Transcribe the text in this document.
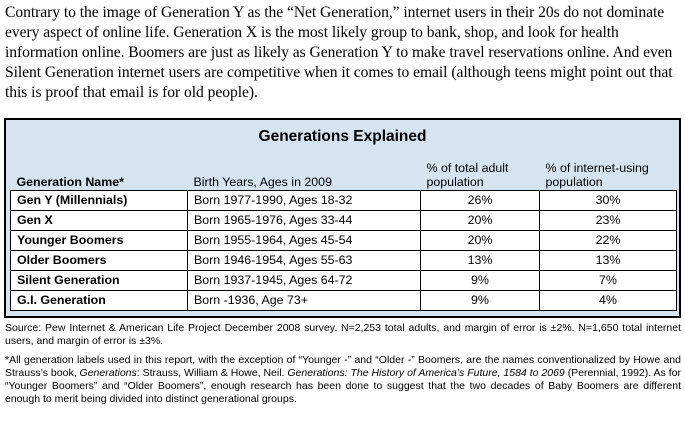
Contrary to the image of Generation Y as the “Net Generation,” internet users in their 20s do not dominate every aspect of online life. Generation X is the most likely group to bank, shop, and look for health information online. Boomers are just as likely as Generation Y to make travel reservations online. And even Silent Generation internet users are competitive when it comes to email (although teens might point out that this is proof that email is for old people).
Generations Explained
Generation Name*	Birth Years, Ages in 2009	% of total adult population	% of internet-using population
Gen Y (Millennials)	Born 1977-1990, Ages 18-32	26%	30%
Gen X	Born 1965-1976, Ages 33-44	20%	23%
Younger Boomers	Born 1955-1964, Ages 45-54	20%	22%
Older Boomers	Born 1946-1954, Ages 55-63	13%	13%
Silent Generation	Born 1937-1945, Ages 64-72	9%	7%
G.I. Generation	Born -1936, Age 73+	9%	4%

Source: Pew Internet & American Life Project December 2008 survey. N=2,253 total adults, and margin of error is ±2%. N=1,650 total internet users, and margin of error is ±3%.

*All generation labels used in this report, with the exception of “Younger -” and “Older -” Boomers, are the names conventionalized by Howe and Strauss’s book, Generations: Strauss, William & Howe, Neil. Generations: The History of America’s Future, 1584 to 2069 (Perennial, 1992). As for “Younger Boomers” and “Older Boomers”, enough research has been done to suggest that the two decades of Baby Boomers are different enough to merit being divided into distinct generational groups.
